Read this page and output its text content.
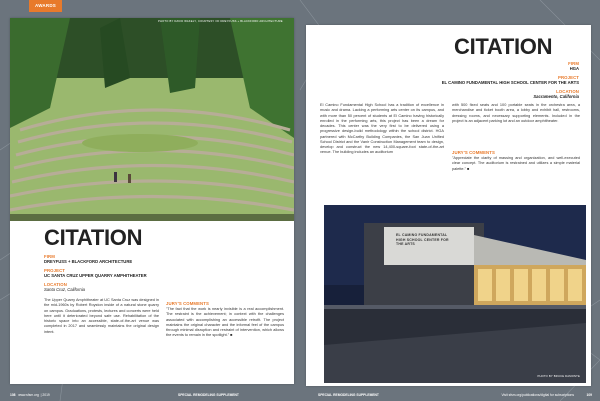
AWARDS
PHOTO BY DAVID WAKELY, COURTESY OF DREYFUSS + BLACKFORD ARCHITECTURE
CITATION
FIRM
DREYFUSS + BLACKFORD ARCHITECTURE
PROJECT
UC SANTA CRUZ UPPER QUARRY AMPHITHEATER
LOCATION
Santa Cruz, California

The Upper Quarry Amphitheater at UC Santa Cruz was designed in the mid-1960s by Robert Royston inside of a natural stone quarry on campus. Graduations, protests, lectures and concerts were held here until it deteriorated beyond safe use. Rehabilitation of the historic space into an accessible, state-of-the-art venue was completed in 2017 and seamlessly maintains the original design intent.

JURY'S COMMENTS

"The fact that the work is nearly invisible is a real accomplishment. The restraint is the achievement; in context with the challenges associated with accomplishing an accessible retrofit. The project maintains the original character and the informal feel of the campus through minimal disruption and restraint of intervention, which allows the events to remain in the spotlight." ■

108 www.sfsm.org  | 2019	SPECIAL REMODELING SUPPLEMENT
CITATION
FIRM
HGA
PROJECT
EL CAMINO FUNDAMENTAL HIGH SCHOOL CENTER FOR THE ARTS
LOCATION
Sacramento, California

El Camino Fundamental High School has a tradition of excellence in music and drama. Lacking a performing arts center on its campus, and with more than 50 percent of students at El Camino having historically enrolled in the performing arts, this project has been a dream for decades. This center was the very first to be delivered using a progressive design-build methodology within the school district. HGA partnered with McCarthy Building Companies, the San Juan Unified School District and the Vanir Construction Management team to design, develop and construct the new 14,400-square-foot state-of-the-art venue. The building includes an auditorium

with 500 fixed seats and 100 portable seats in the orchestra area, a merchandise and ticket booth area, a lobby and exhibit hall, restrooms, dressing rooms, and necessary supporting elements. Included in the project is an adjacent parking lot and an outdoor amphitheater.

JURY'S COMMENTS

"Appreciate the clarity of massing and organization, and well-executed clear concept. The auditorium is restrained and utilizes a simple material palette." ■

EL CAMINO FUNDAMENTAL HIGH SCHOOL CENTER FOR THE ARTS
PHOTO BY BRUCE DAMONTE
SPECIAL REMODELING SUPPLEMENT	Visit sfsm.org/publications/digital for subscriptions	109
